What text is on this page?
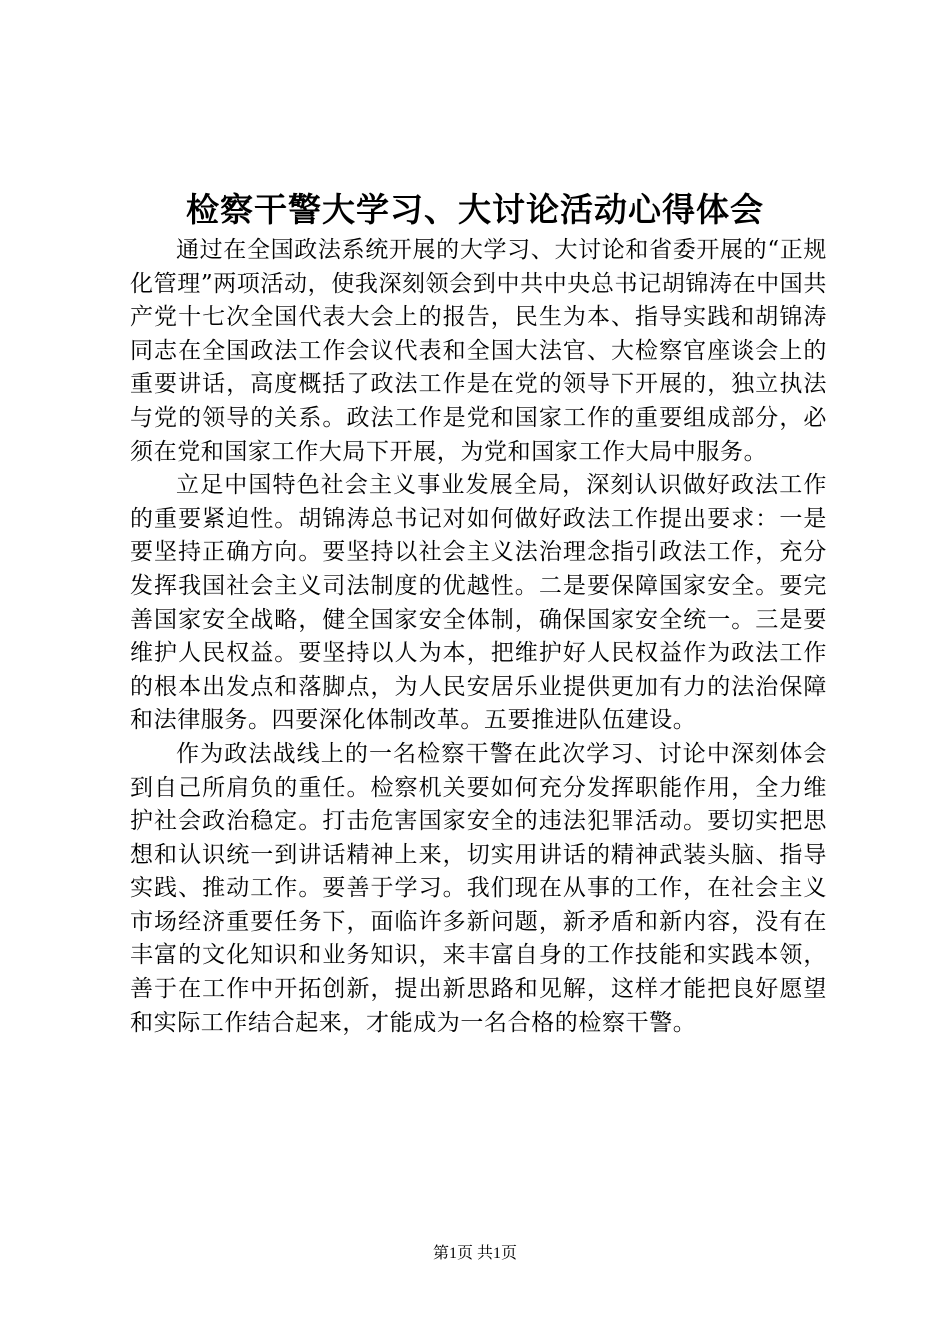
检察干警大学习、大讨论活动心得体会

通过在全国政法系统开展的大学习、大讨论和省委开展的“正规化管理”两项活动，使我深刻领会到中共中央总书记胡锦涛在中国共产党十七次全国代表大会上的报告，民生为本、指导实践和胡锦涛同志在全国政法工作会议代表和全国大法官、大检察官座谈会上的重要讲话，高度概括了政法工作是在党的领导下开展的，独立执法与党的领导的关系。政法工作是党和国家工作的重要组成部分，必须在党和国家工作大局下开展，为党和国家工作大局中服务。

立足中国特色社会主义事业发展全局，深刻认识做好政法工作的重要紧迫性。胡锦涛总书记对如何做好政法工作提出要求：一是要坚持正确方向。要坚持以社会主义法治理念指引政法工作，充分发挥我国社会主义司法制度的优越性。二是要保障国家安全。要完善国家安全战略，健全国家安全体制，确保国家安全统一。三是要维护人民权益。要坚持以人为本，把维护好人民权益作为政法工作的根本出发点和落脚点，为人民安居乐业提供更加有力的法治保障和法律服务。四要深化体制改革。五要推进队伍建设。

作为政法战线上的一名检察干警在此次学习、讨论中深刻体会到自己所肩负的重任。检察机关要如何充分发挥职能作用，全力维护社会政治稳定。打击危害国家安全的违法犯罪活动。要切实把思想和认识统一到讲话精神上来，切实用讲话的精神武装头脑、指导实践、推动工作。要善于学习。我们现在从事的工作，在社会主义市场经济重要任务下，面临许多新问题，新矛盾和新内容，没有在丰富的文化知识和业务知识，来丰富自身的工作技能和实践本领，善于在工作中开拓创新，提出新思路和见解，这样才能把良好愿望和实际工作结合起来，才能成为一名合格的检察干警。

第1页 共1页
